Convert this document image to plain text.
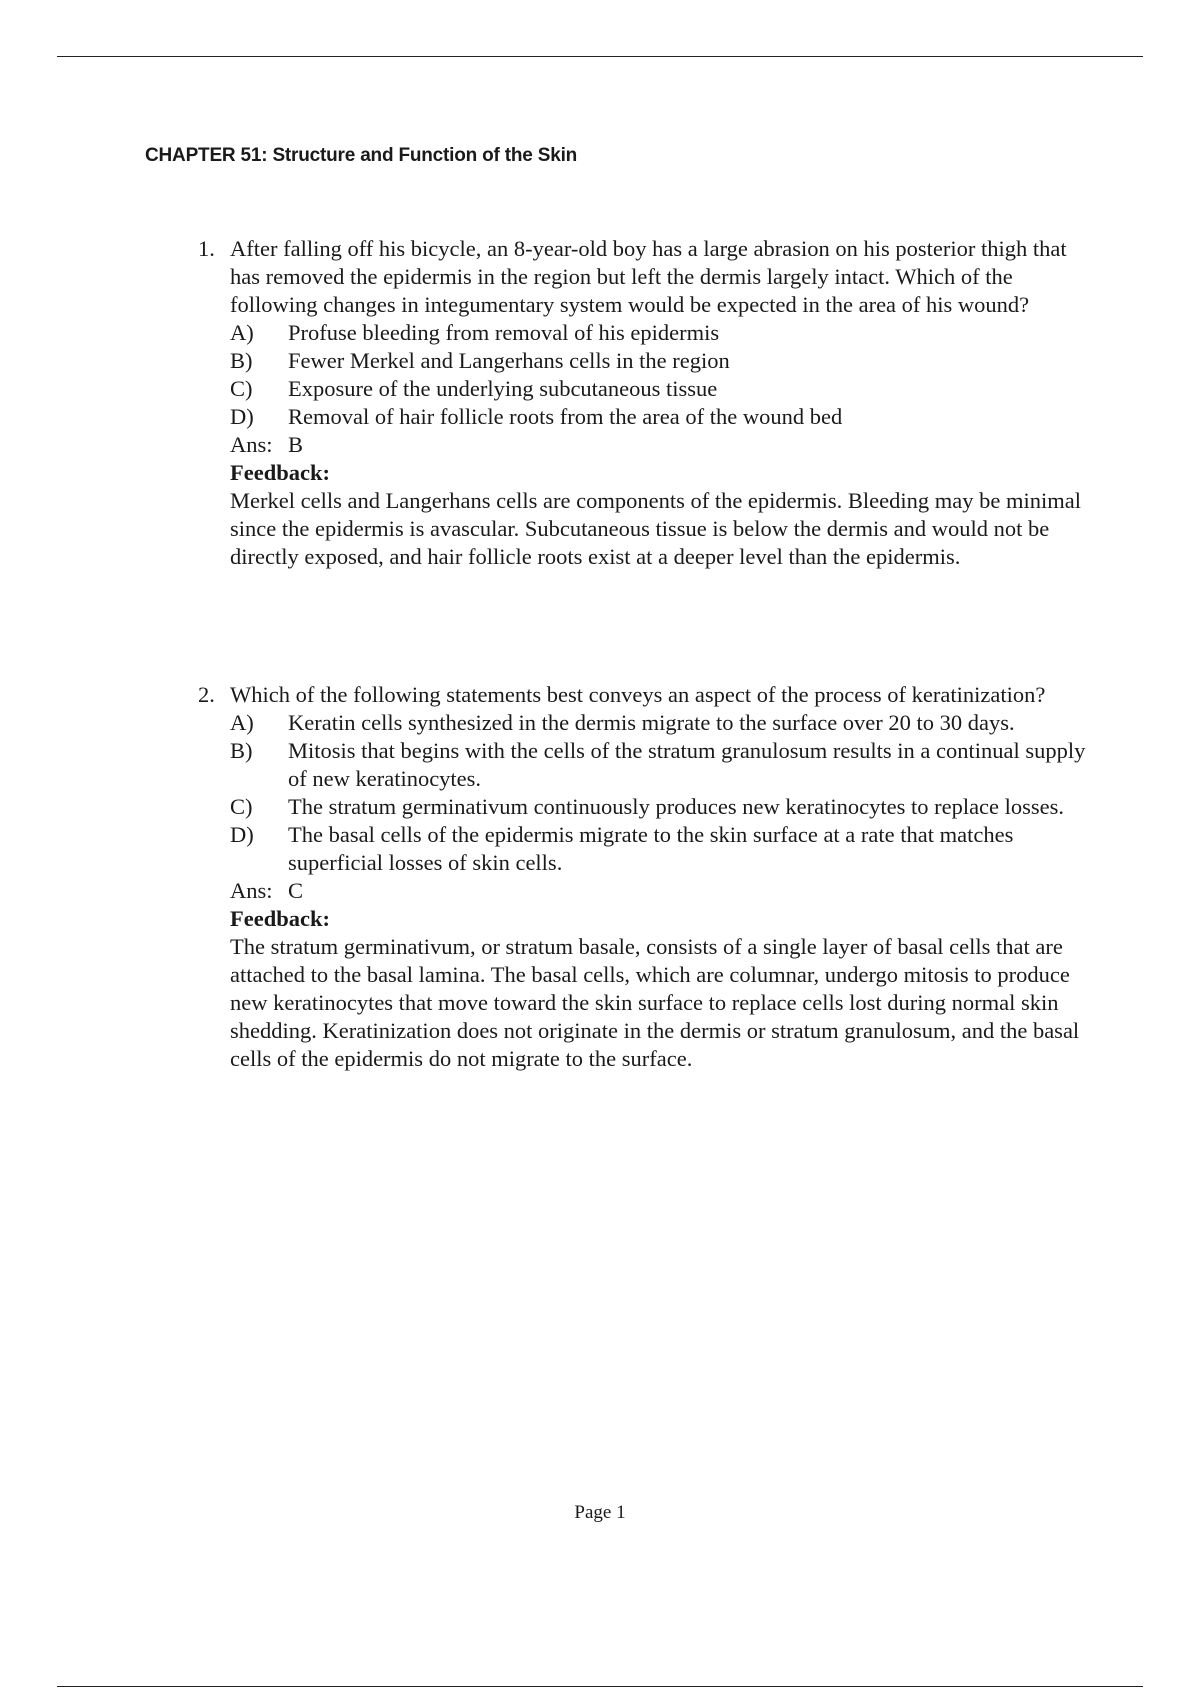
CHAPTER 51: Structure and Function of the Skin
1. After falling off his bicycle, an 8-year-old boy has a large abrasion on his posterior thigh that has removed the epidermis in the region but left the dermis largely intact. Which of the following changes in integumentary system would be expected in the area of his wound?
A)	Profuse bleeding from removal of his epidermis
B)	Fewer Merkel and Langerhans cells in the region
C)	Exposure of the underlying subcutaneous tissue
D)	Removal of hair follicle roots from the area of the wound bed
Ans: B
Feedback:
Merkel cells and Langerhans cells are components of the epidermis. Bleeding may be minimal since the epidermis is avascular. Subcutaneous tissue is below the dermis and would not be directly exposed, and hair follicle roots exist at a deeper level than the epidermis.
2. Which of the following statements best conveys an aspect of the process of keratinization?
A)	Keratin cells synthesized in the dermis migrate to the surface over 20 to 30 days.
B)	Mitosis that begins with the cells of the stratum granulosum results in a continual supply of new keratinocytes.
C)	The stratum germinativum continuously produces new keratinocytes to replace losses.
D)	The basal cells of the epidermis migrate to the skin surface at a rate that matches superficial losses of skin cells.
Ans: C
Feedback:
The stratum germinativum, or stratum basale, consists of a single layer of basal cells that are attached to the basal lamina. The basal cells, which are columnar, undergo mitosis to produce new keratinocytes that move toward the skin surface to replace cells lost during normal skin shedding. Keratinization does not originate in the dermis or stratum granulosum, and the basal cells of the epidermis do not migrate to the surface.
Page 1
